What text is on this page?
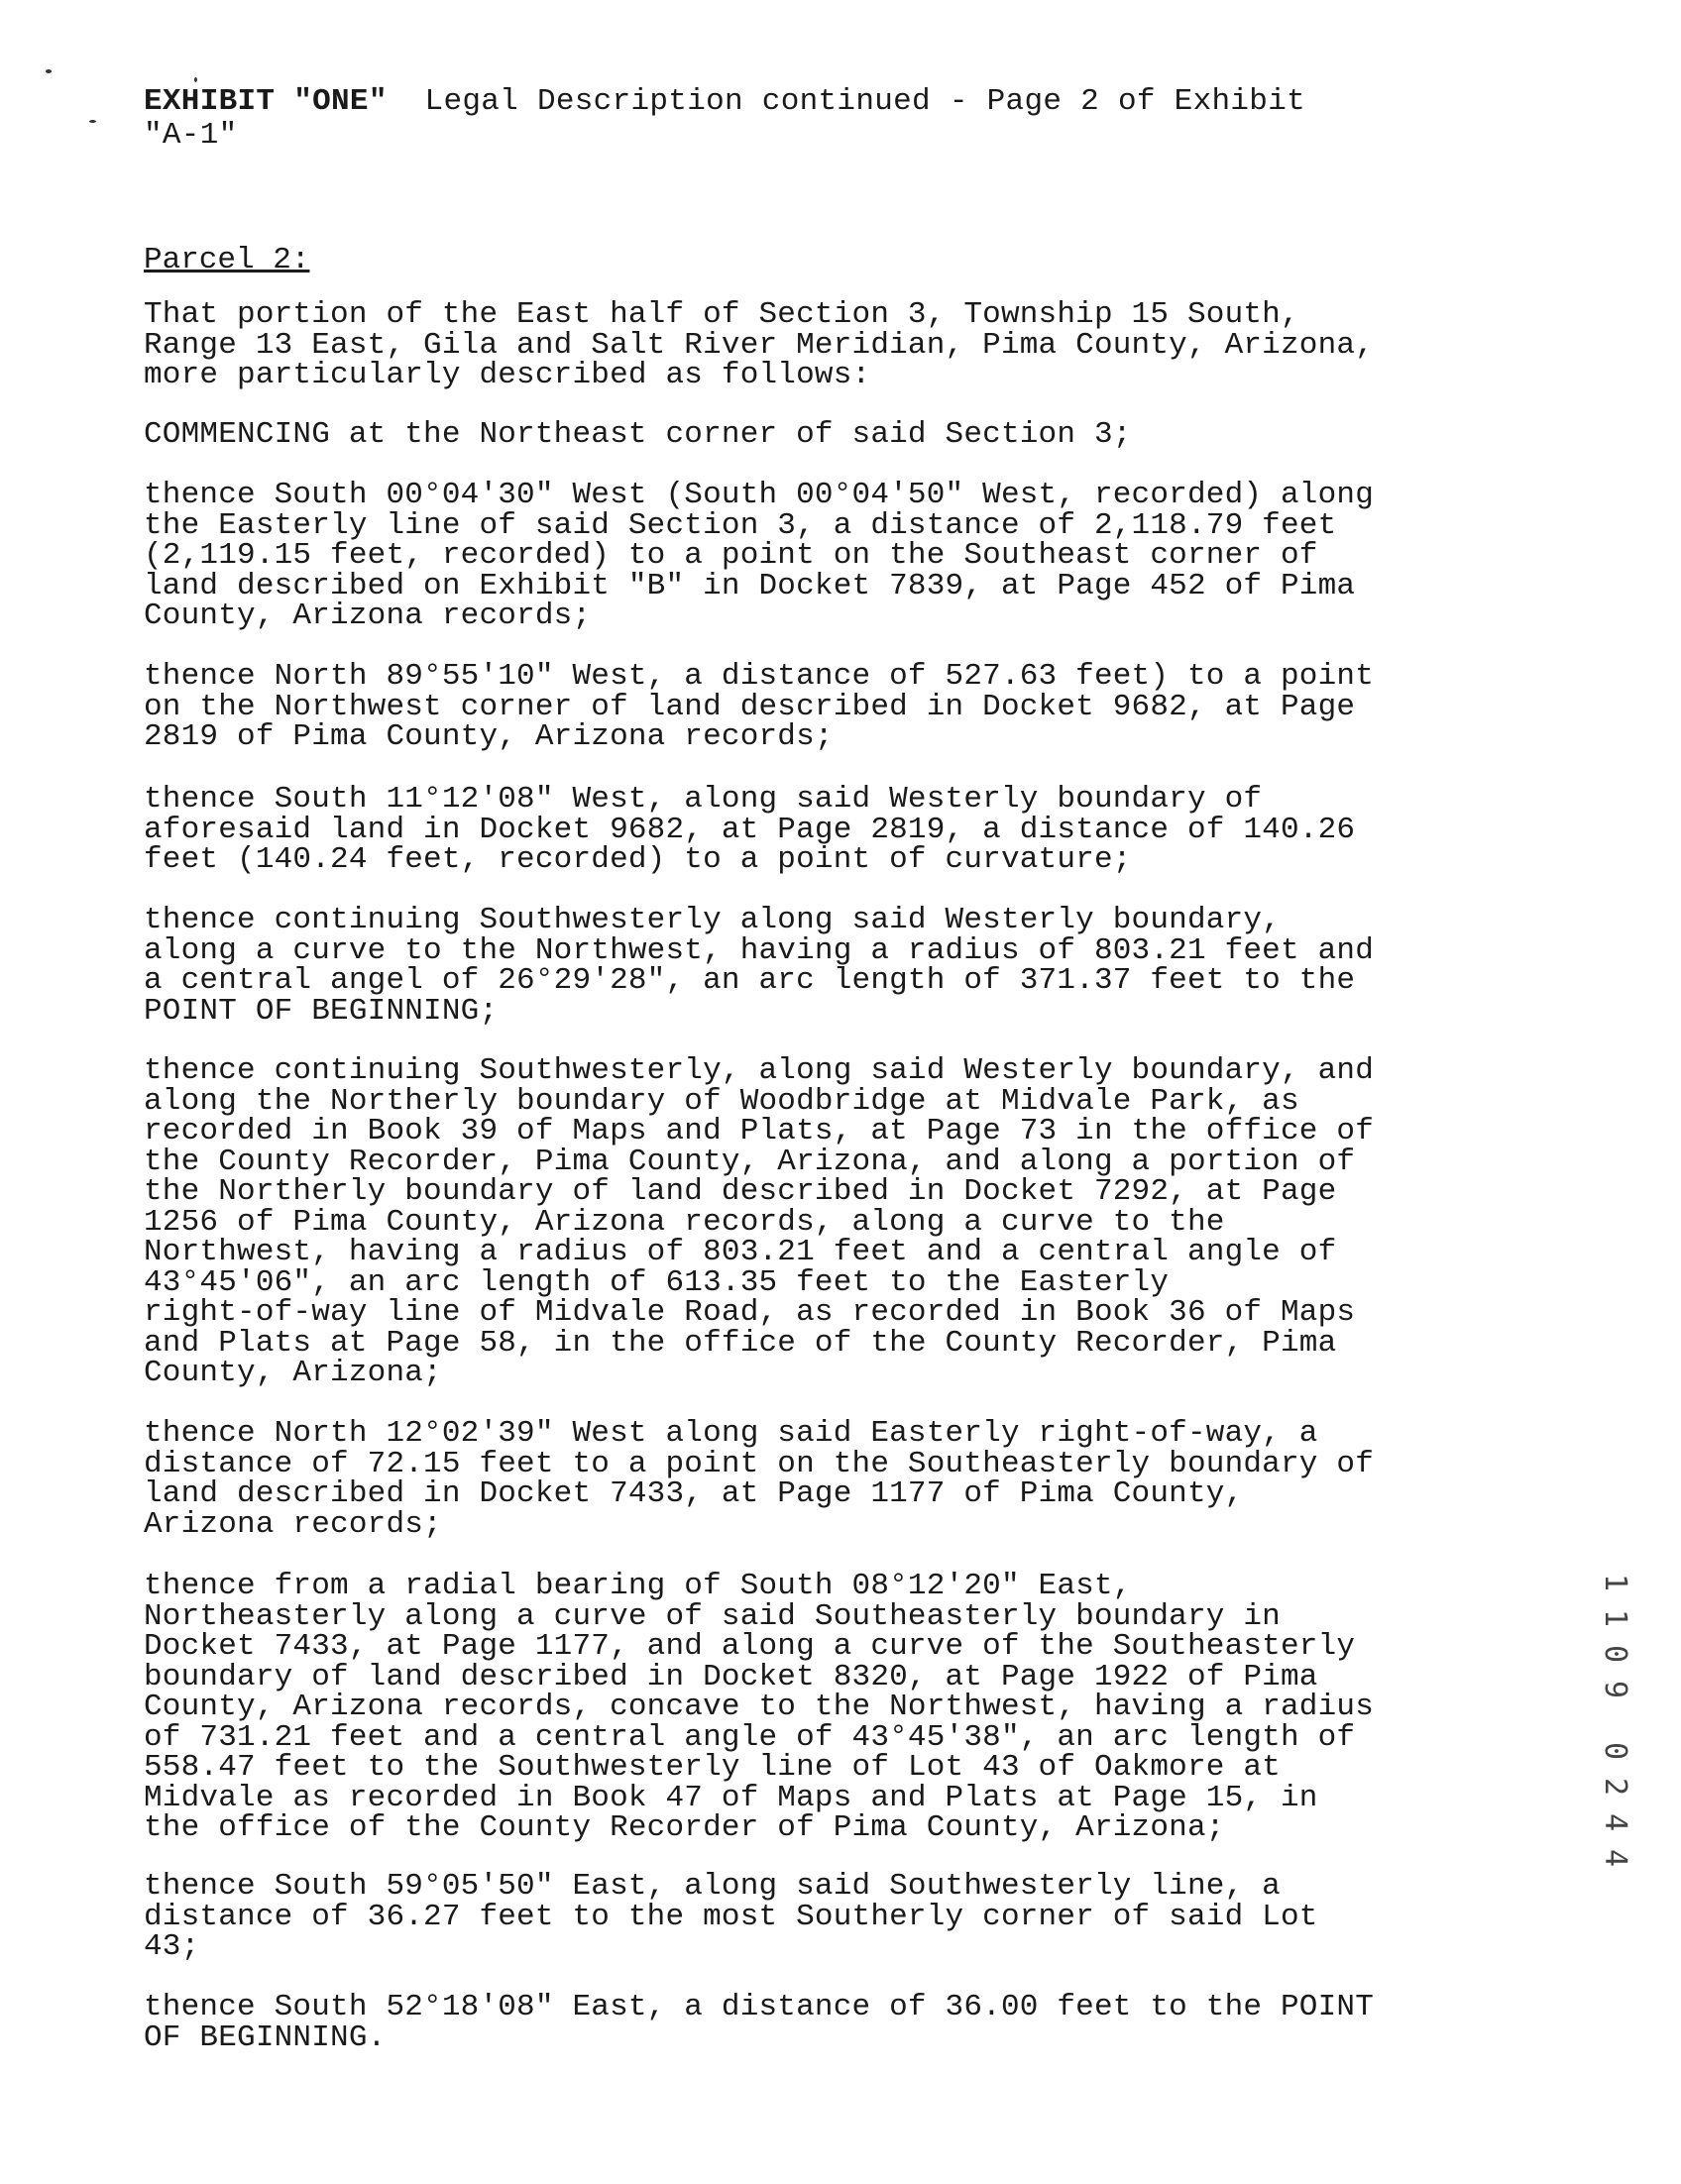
EXHIBIT "ONE"  Legal Description continued - Page 2 of Exhibit
"A-1"
Parcel 2:

That portion of the East half of Section 3, Township 15 South,
Range 13 East, Gila and Salt River Meridian, Pima County, Arizona,
more particularly described as follows:

COMMENCING at the Northeast corner of said Section 3;

thence South 00°04'30" West (South 00°04'50" West, recorded) along
the Easterly line of said Section 3, a distance of 2,118.79 feet
(2,119.15 feet, recorded) to a point on the Southeast corner of
land described on Exhibit "B" in Docket 7839, at Page 452 of Pima
County, Arizona records;

thence North 89°55'10" West, a distance of 527.63 feet) to a point
on the Northwest corner of land described in Docket 9682, at Page
2819 of Pima County, Arizona records;

thence South 11°12'08" West, along said Westerly boundary of
aforesaid land in Docket 9682, at Page 2819, a distance of 140.26
feet (140.24 feet, recorded) to a point of curvature;

thence continuing Southwesterly along said Westerly boundary,
along a curve to the Northwest, having a radius of 803.21 feet and
a central angel of 26°29'28", an arc length of 371.37 feet to the
POINT OF BEGINNING;

thence continuing Southwesterly, along said Westerly boundary, and
along the Northerly boundary of Woodbridge at Midvale Park, as
recorded in Book 39 of Maps and Plats, at Page 73 in the office of
the County Recorder, Pima County, Arizona, and along a portion of
the Northerly boundary of land described in Docket 7292, at Page
1256 of Pima County, Arizona records, along a curve to the
Northwest, having a radius of 803.21 feet and a central angle of
43°45'06", an arc length of 613.35 feet to the Easterly
right-of-way line of Midvale Road, as recorded in Book 36 of Maps
and Plats at Page 58, in the office of the County Recorder, Pima
County, Arizona;

thence North 12°02'39" West along said Easterly right-of-way, a
distance of 72.15 feet to a point on the Southeasterly boundary of
land described in Docket 7433, at Page 1177 of Pima County,
Arizona records;

thence from a radial bearing of South 08°12'20" East,
Northeasterly along a curve of said Southeasterly boundary in
Docket 7433, at Page 1177, and along a curve of the Southeasterly
boundary of land described in Docket 8320, at Page 1922 of Pima
County, Arizona records, concave to the Northwest, having a radius
of 731.21 feet and a central angle of 43°45'38", an arc length of
558.47 feet to the Southwesterly line of Lot 43 of Oakmore at
Midvale as recorded in Book 47 of Maps and Plats at Page 15, in
the office of the County Recorder of Pima County, Arizona;

thence South 59°05'50" East, along said Southwesterly line, a
distance of 36.27 feet to the most Southerly corner of said Lot
43;

thence South 52°18'08" East, a distance of 36.00 feet to the POINT
OF BEGINNING.

1
1
0
9
0
2
4
4
